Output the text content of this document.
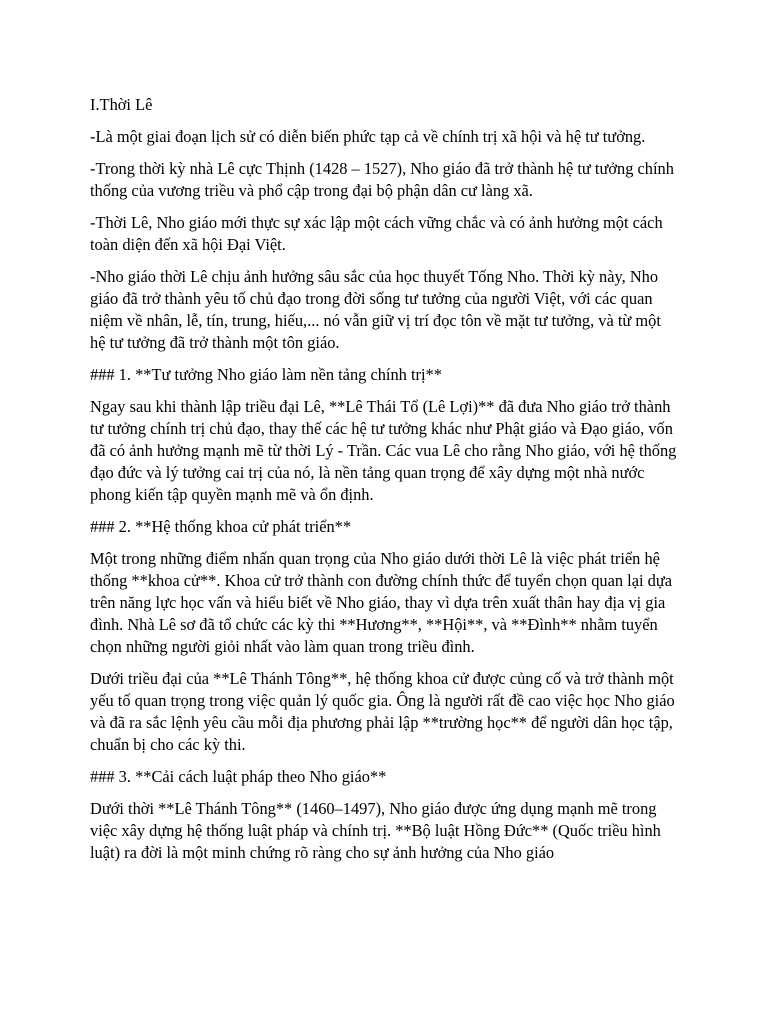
I.Thời Lê

-Là một giai đoạn lịch sử có diễn biến phức tạp cả về chính trị xã hội và hệ tư tưởng.

-Trong thời kỳ nhà Lê cực Thịnh (1428 – 1527), Nho giáo đã trở thành hệ tư tưởng chính thống của vương triều và phổ cập trong đại bộ phận dân cư làng xã.

-Thời Lê, Nho giáo mới thực sự xác lập một cách vững chắc và có ảnh hưởng một cách toàn diện đến xã hội Đại Việt.

-Nho giáo thời Lê chịu ảnh hưởng sâu sắc của học thuyết Tống Nho. Thời kỳ này, Nho giáo đã trở thành yêu tố chủ đạo trong đời sống tư tưởng của người Việt, với các quan niệm về nhân, lễ, tín, trung, hiếu,... nó vẫn giữ vị trí đọc tôn về mặt tư tưởng, và từ một hệ tư tưởng đã trở thành một tôn giáo.

### 1. **Tư tưởng Nho giáo làm nền tảng chính trị**

Ngay sau khi thành lập triều đại Lê, **Lê Thái Tổ (Lê Lợi)** đã đưa Nho giáo trở thành tư tưởng chính trị chủ đạo, thay thế các hệ tư tưởng khác như Phật giáo và Đạo giáo, vốn đã có ảnh hưởng mạnh mẽ từ thời Lý - Trần. Các vua Lê cho rằng Nho giáo, với hệ thống đạo đức và lý tưởng cai trị của nó, là nền tảng quan trọng để xây dựng một nhà nước phong kiến tập quyền mạnh mẽ và ổn định.

### 2. **Hệ thống khoa cử phát triển**

Một trong những điểm nhấn quan trọng của Nho giáo dưới thời Lê là việc phát triển hệ thống **khoa cử**. Khoa cử trở thành con đường chính thức để tuyển chọn quan lại dựa trên năng lực học vấn và hiểu biết về Nho giáo, thay vì dựa trên xuất thân hay địa vị gia đình. Nhà Lê sơ đã tổ chức các kỳ thi **Hương**, **Hội**, và **Đình** nhằm tuyển chọn những người giỏi nhất vào làm quan trong triều đình.

Dưới triều đại của **Lê Thánh Tông**, hệ thống khoa cử được củng cố và trở thành một yếu tố quan trọng trong việc quản lý quốc gia. Ông là người rất đề cao việc học Nho giáo và đã ra sắc lệnh yêu cầu mỗi địa phương phải lập **trường học** để người dân học tập, chuẩn bị cho các kỳ thi.

### 3. **Cải cách luật pháp theo Nho giáo**

Dưới thời **Lê Thánh Tông** (1460–1497), Nho giáo được ứng dụng mạnh mẽ trong việc xây dựng hệ thống luật pháp và chính trị. **Bộ luật Hồng Đức** (Quốc triều hình luật) ra đời là một minh chứng rõ ràng cho sự ảnh hưởng của Nho giáo
